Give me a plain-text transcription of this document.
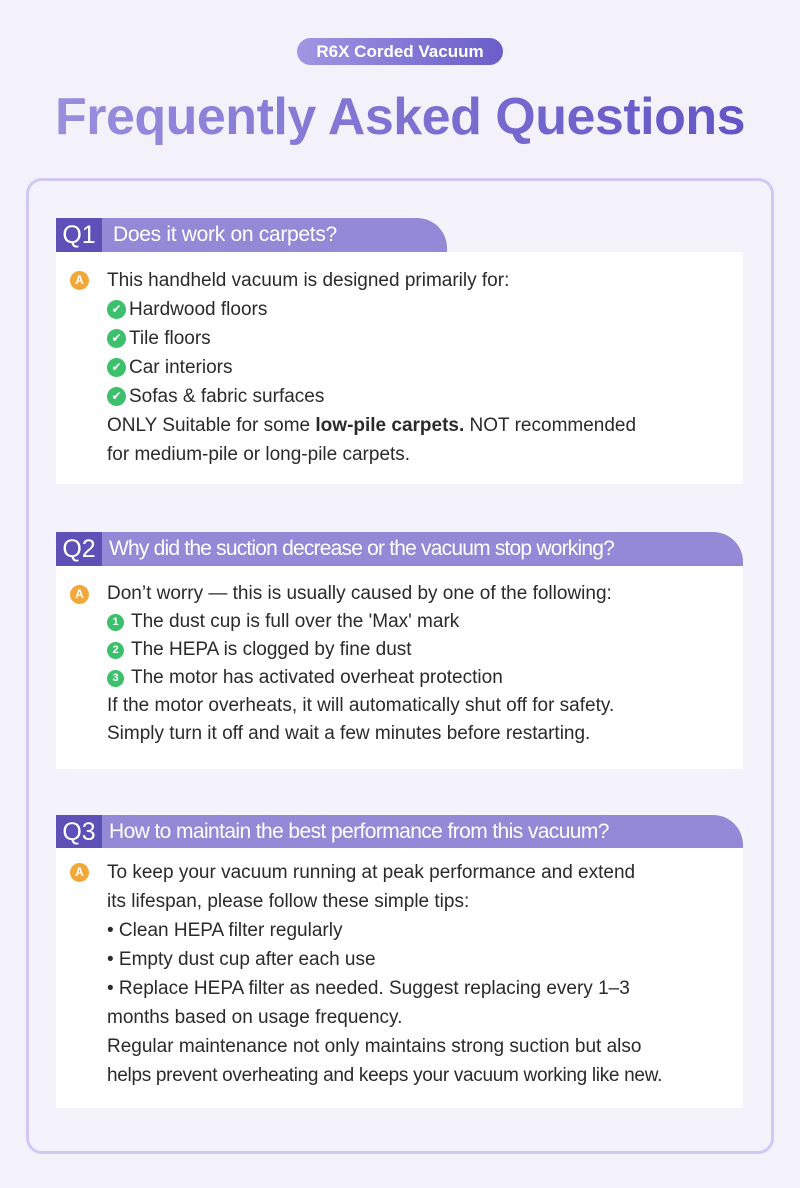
R6X Corded Vacuum
Frequently Asked Questions
Q1 Does it work on carpets?
A This handheld vacuum is designed primarily for:
✔ Hardwood floors
✔ Tile floors
✔ Car interiors
✔ Sofas & fabric surfaces
ONLY Suitable for some low-pile carpets. NOT recommended
for medium-pile or long-pile carpets.
Q2 Why did the suction decrease or the vacuum stop working?
A Don’t worry — this is usually caused by one of the following:
1 The dust cup is full over the 'Max' mark
2 The HEPA is clogged by fine dust
3 The motor has activated overheat protection
If the motor overheats, it will automatically shut off for safety.
Simply turn it off and wait a few minutes before restarting.
Q3 How to maintain the best performance from this vacuum?
A To keep your vacuum running at peak performance and extend
its lifespan, please follow these simple tips:
• Clean HEPA filter regularly
• Empty dust cup after each use
• Replace HEPA filter as needed. Suggest replacing every 1–3
months based on usage frequency.
Regular maintenance not only maintains strong suction but also
helps prevent overheating and keeps your vacuum working like new.
